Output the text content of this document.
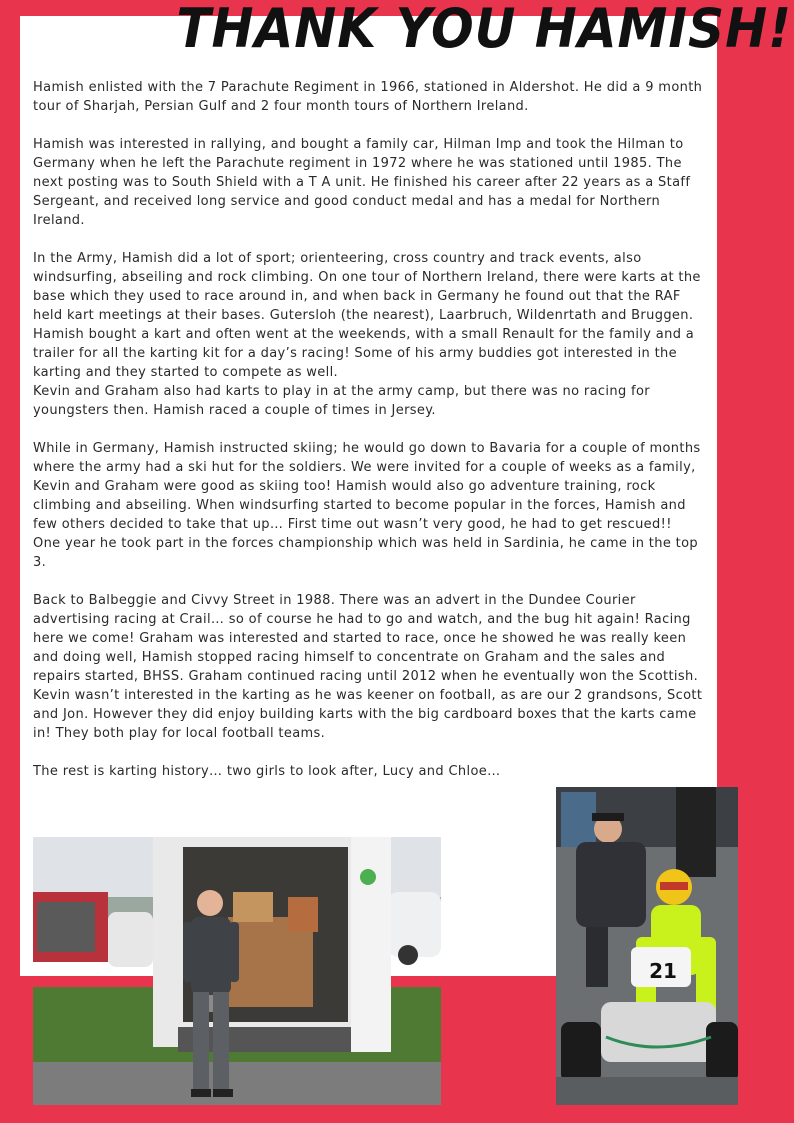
THANK YOU HAMISH!

Hamish enlisted with the 7 Parachute Regiment in 1966, stationed in Aldershot. He did a 9 month tour of Sharjah, Persian Gulf and 2 four month tours of Northern Ireland.

Hamish was interested in rallying, and bought a family car, Hilman Imp and took the Hilman to Germany when he left the Parachute regiment in 1972 where he was stationed until 1985. The next posting was to South Shield with a T A unit. He finished his career after 22 years as a Staff Sergeant, and received long service and good conduct medal and has a medal for Northern Ireland.

In the Army, Hamish did a lot of sport; orienteering, cross country and track events, also windsurfing, abseiling and rock climbing. On one tour of Northern Ireland, there were karts at the base which they used to race around in, and when back in Germany he found out that the RAF held kart meetings at their bases. Gutersloh (the nearest), Laarbruch, Wildenrtath and Bruggen.

Hamish bought a kart and often went at the weekends, with a small Renault for the family and a trailer for all the karting kit for a day’s racing! Some of his army buddies got interested in the karting and they started to compete as well.

Kevin and Graham also had karts to play in at the army camp, but there was no racing for youngsters then. Hamish raced a couple of times in Jersey.

While in Germany, Hamish instructed skiing; he would go down to Bavaria for a couple of months where the army had a ski hut for the soldiers. We were invited for a couple of weeks as a family, Kevin and Graham were good as skiing too! Hamish would also go adventure training, rock climbing and abseiling. When windsurfing started to become popular in the forces, Hamish and few others decided to take that up… First time out wasn’t very good, he had to get rescued!!

One year he took part in the forces championship which was held in Sardinia, he came in the top 3.

Back to Balbeggie and Civvy Street in 1988. There was an advert in the Dundee Courier advertising racing at Crail… so of course he had to go and watch, and the bug hit again! Racing here we come! Graham was interested and started to race, once he showed he was really keen and doing well, Hamish stopped racing himself to concentrate on Graham and the sales and repairs started, BHSS. Graham continued racing until 2012 when he eventually won the Scottish. Kevin wasn’t interested in the karting as he was keener on football, as are our 2 grandsons, Scott and Jon. However they did enjoy building karts with the big cardboard boxes that the karts came in! They both play for local football teams.

The rest is karting history… two girls to look after, Lucy and Chloe…

21
